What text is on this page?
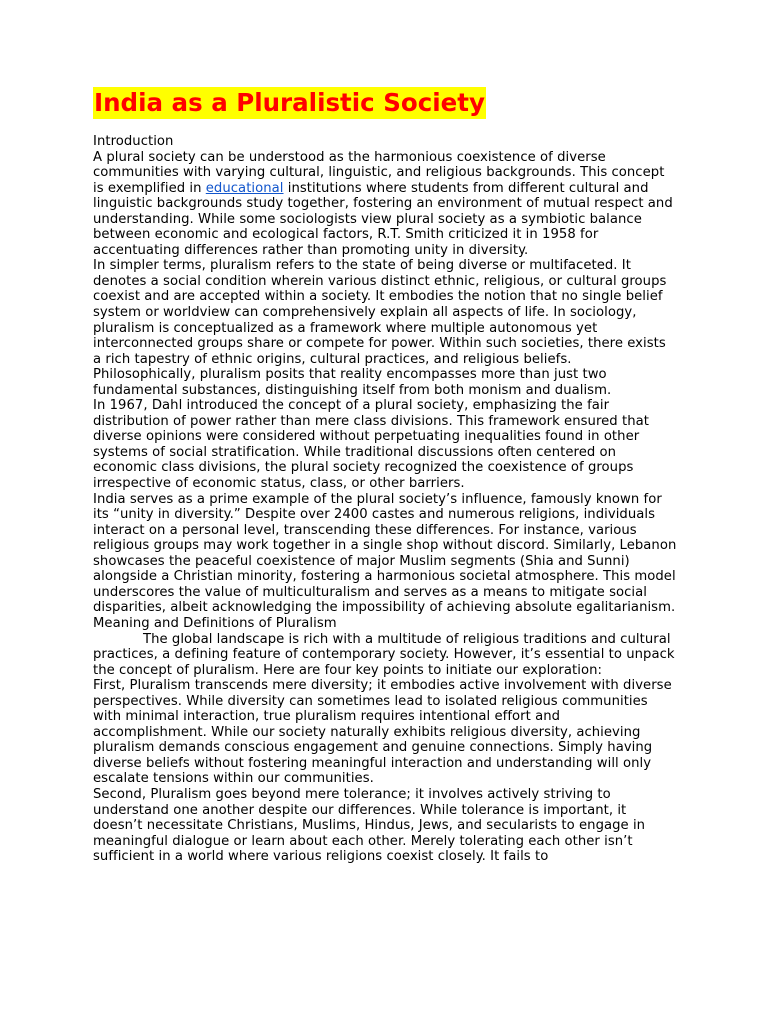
India as a Pluralistic Society

Introduction

A plural society can be understood as the harmonious coexistence of diverse communities with varying cultural, linguistic, and religious backgrounds. This concept is exemplified in educational institutions where students from different cultural and linguistic backgrounds study together, fostering an environment of mutual respect and understanding. While some sociologists view plural society as a symbiotic balance between economic and ecological factors, R.T. Smith criticized it in 1958 for accentuating differences rather than promoting unity in diversity.

In simpler terms, pluralism refers to the state of being diverse or multifaceted. It denotes a social condition wherein various distinct ethnic, religious, or cultural groups coexist and are accepted within a society. It embodies the notion that no single belief system or worldview can comprehensively explain all aspects of life. In sociology, pluralism is conceptualized as a framework where multiple autonomous yet interconnected groups share or compete for power. Within such societies, there exists a rich tapestry of ethnic origins, cultural practices, and religious beliefs. Philosophically, pluralism posits that reality encompasses more than just two fundamental substances, distinguishing itself from both monism and dualism.

In 1967, Dahl introduced the concept of a plural society, emphasizing the fair distribution of power rather than mere class divisions. This framework ensured that diverse opinions were considered without perpetuating inequalities found in other systems of social stratification. While traditional discussions often centered on economic class divisions, the plural society recognized the coexistence of groups irrespective of economic status, class, or other barriers.

India serves as a prime example of the plural society’s influence, famously known for its “unity in diversity.” Despite over 2400 castes and numerous religions, individuals interact on a personal level, transcending these differences. For instance, various religious groups may work together in a single shop without discord. Similarly, Lebanon showcases the peaceful coexistence of major Muslim segments (Shia and Sunni) alongside a Christian minority, fostering a harmonious societal atmosphere. This model underscores the value of multiculturalism and serves as a means to mitigate social disparities, albeit acknowledging the impossibility of achieving absolute egalitarianism.

Meaning and Definitions of Pluralism

The global landscape is rich with a multitude of religious traditions and cultural practices, a defining feature of contemporary society. However, it’s essential to unpack the concept of pluralism. Here are four key points to initiate our exploration:

First, Pluralism transcends mere diversity; it embodies active involvement with diverse perspectives. While diversity can sometimes lead to isolated religious communities with minimal interaction, true pluralism requires intentional effort and accomplishment. While our society naturally exhibits religious diversity, achieving pluralism demands conscious engagement and genuine connections. Simply having diverse beliefs without fostering meaningful interaction and understanding will only escalate tensions within our communities.

Second, Pluralism goes beyond mere tolerance; it involves actively striving to understand one another despite our differences. While tolerance is important, it doesn’t necessitate Christians, Muslims, Hindus, Jews, and secularists to engage in meaningful dialogue or learn about each other. Merely tolerating each other isn’t sufficient in a world where various religions coexist closely. It fails to
